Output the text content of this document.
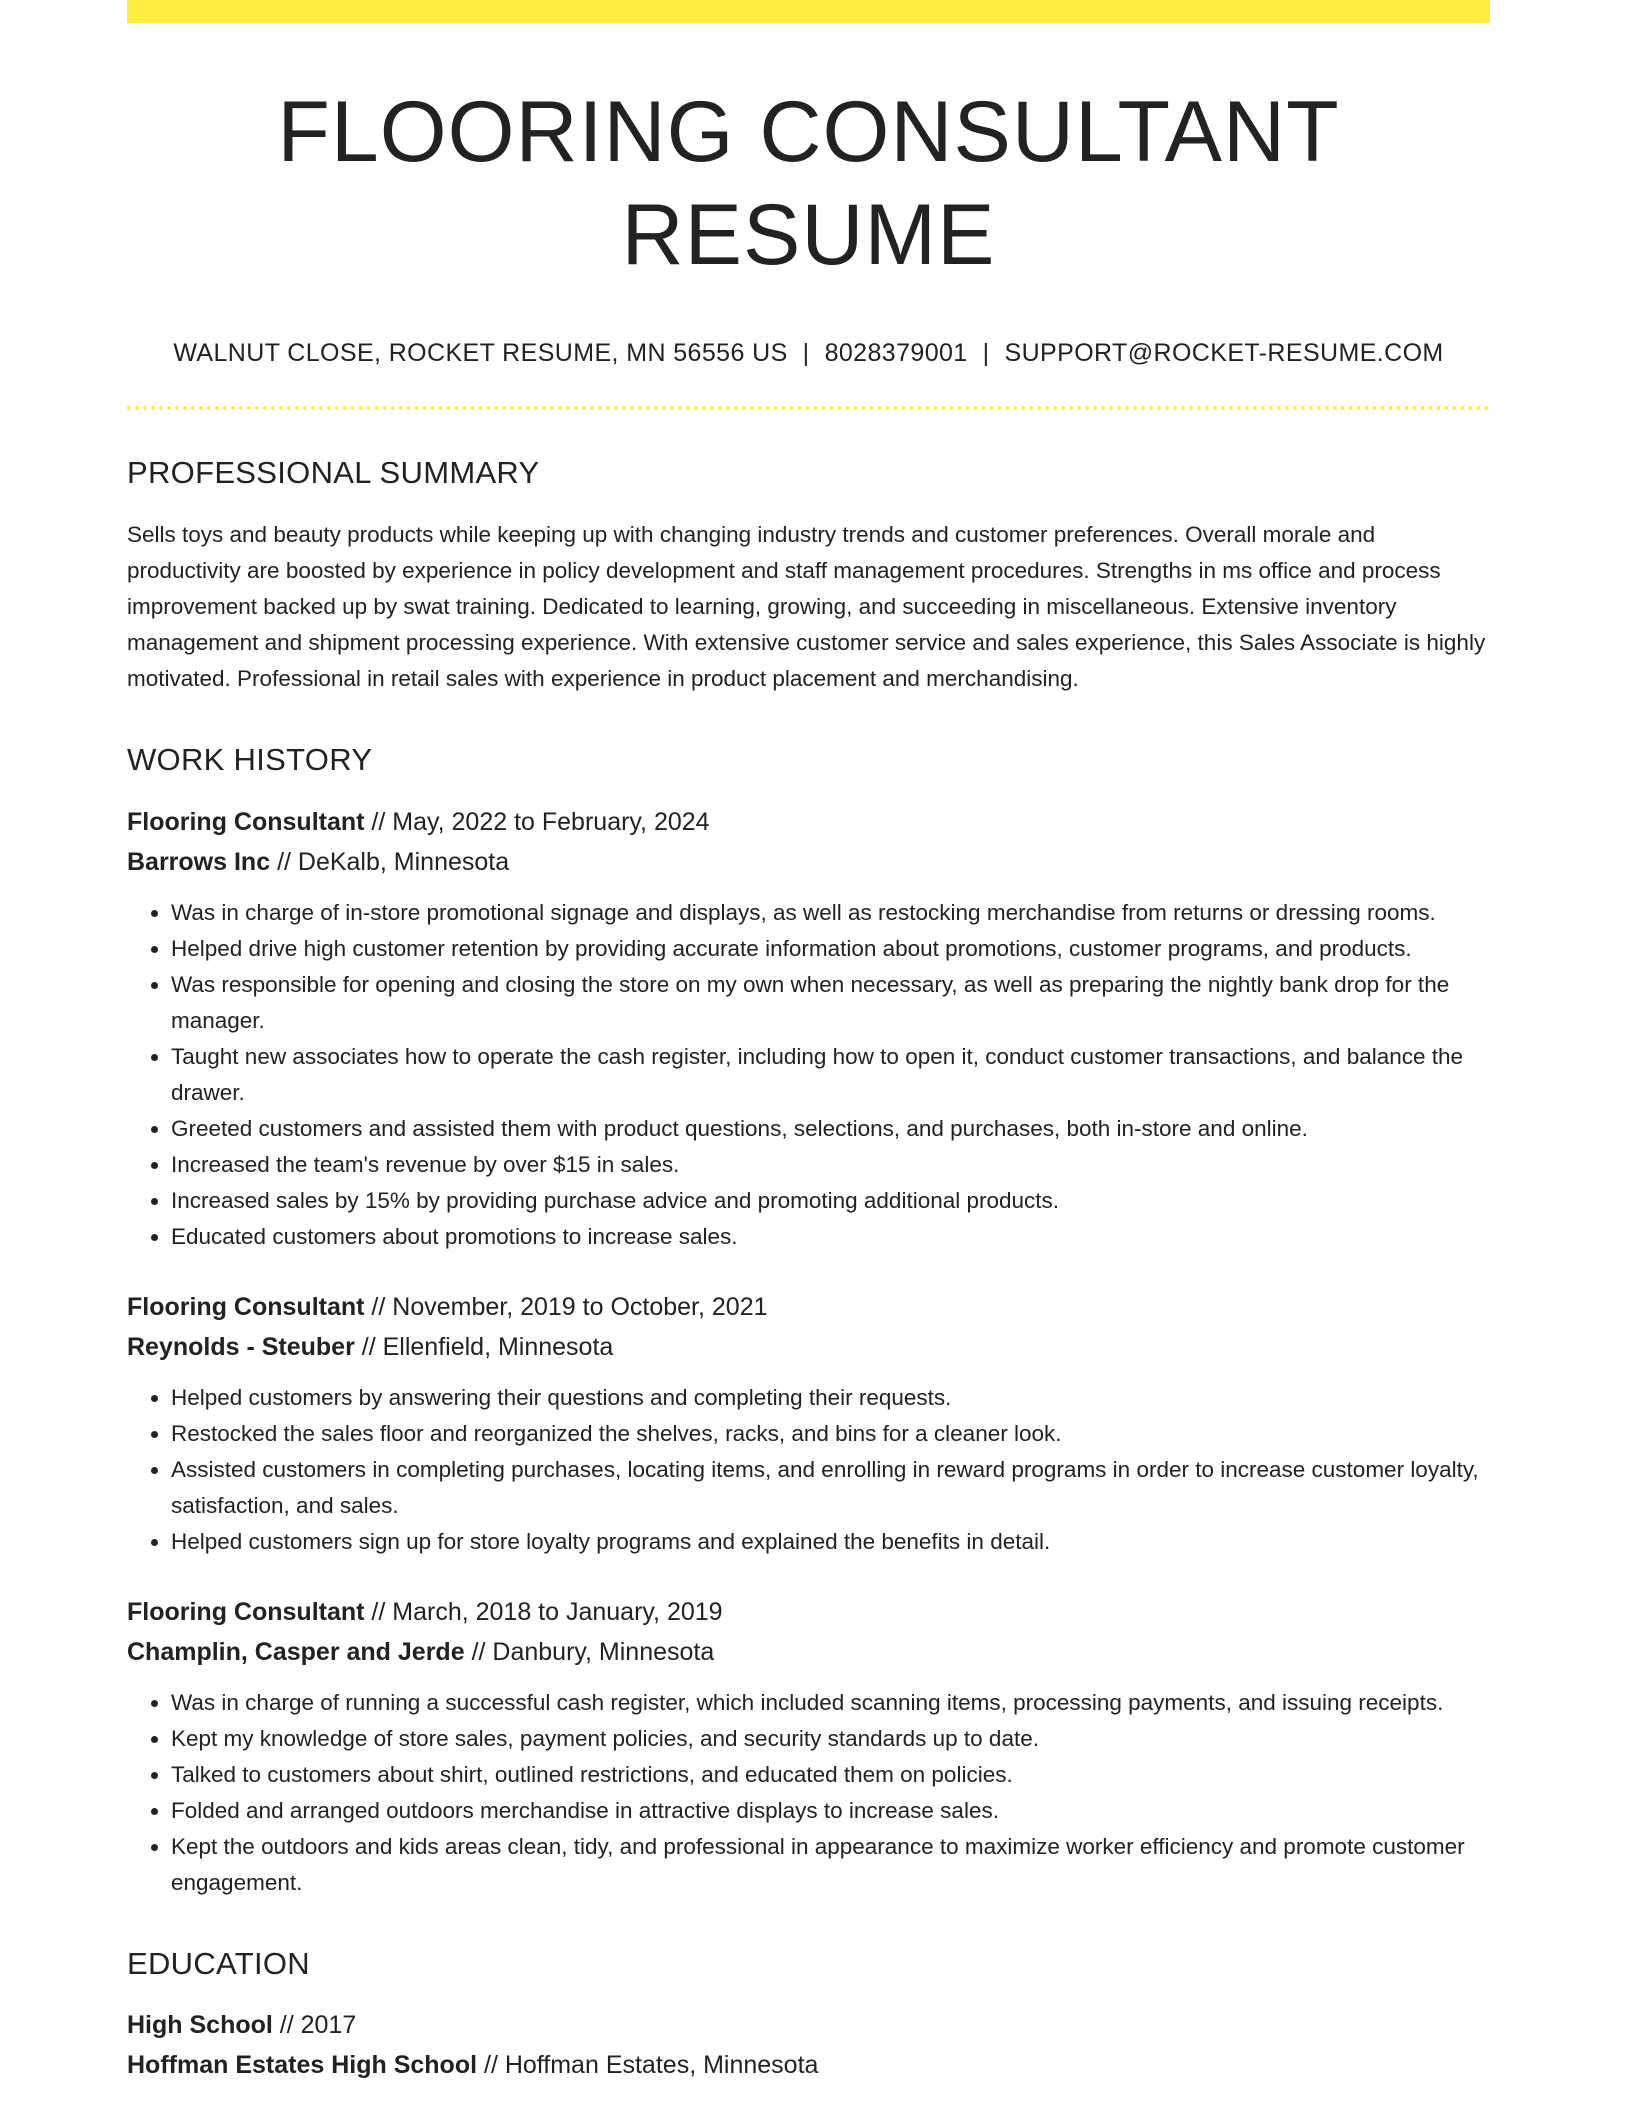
FLOORING CONSULTANT RESUME
WALNUT CLOSE, ROCKET RESUME, MN 56556 US | 8028379001 | SUPPORT@ROCKET-RESUME.COM
PROFESSIONAL SUMMARY

Sells toys and beauty products while keeping up with changing industry trends and customer preferences. Overall morale and productivity are boosted by experience in policy development and staff management procedures. Strengths in ms office and process improvement backed up by swat training. Dedicated to learning, growing, and succeeding in miscellaneous. Extensive inventory management and shipment processing experience. With extensive customer service and sales experience, this Sales Associate is highly motivated. Professional in retail sales with experience in product placement and merchandising.

WORK HISTORY
Flooring Consultant // May, 2022 to February, 2024
Barrows Inc // DeKalb, Minnesota
• Was in charge of in-store promotional signage and displays, as well as restocking merchandise from returns or dressing rooms.
• Helped drive high customer retention by providing accurate information about promotions, customer programs, and products.
• Was responsible for opening and closing the store on my own when necessary, as well as preparing the nightly bank drop for the manager.
• Taught new associates how to operate the cash register, including how to open it, conduct customer transactions, and balance the drawer.
• Greeted customers and assisted them with product questions, selections, and purchases, both in-store and online.
• Increased the team's revenue by over $15 in sales.
• Increased sales by 15% by providing purchase advice and promoting additional products.
• Educated customers about promotions to increase sales.
Flooring Consultant // November, 2019 to October, 2021
Reynolds - Steuber // Ellenfield, Minnesota
• Helped customers by answering their questions and completing their requests.
• Restocked the sales floor and reorganized the shelves, racks, and bins for a cleaner look.
• Assisted customers in completing purchases, locating items, and enrolling in reward programs in order to increase customer loyalty, satisfaction, and sales.
• Helped customers sign up for store loyalty programs and explained the benefits in detail.
Flooring Consultant // March, 2018 to January, 2019
Champlin, Casper and Jerde // Danbury, Minnesota
• Was in charge of running a successful cash register, which included scanning items, processing payments, and issuing receipts.
• Kept my knowledge of store sales, payment policies, and security standards up to date.
• Talked to customers about shirt, outlined restrictions, and educated them on policies.
• Folded and arranged outdoors merchandise in attractive displays to increase sales.
• Kept the outdoors and kids areas clean, tidy, and professional in appearance to maximize worker efficiency and promote customer engagement.
EDUCATION
High School // 2017
Hoffman Estates High School // Hoffman Estates, Minnesota
